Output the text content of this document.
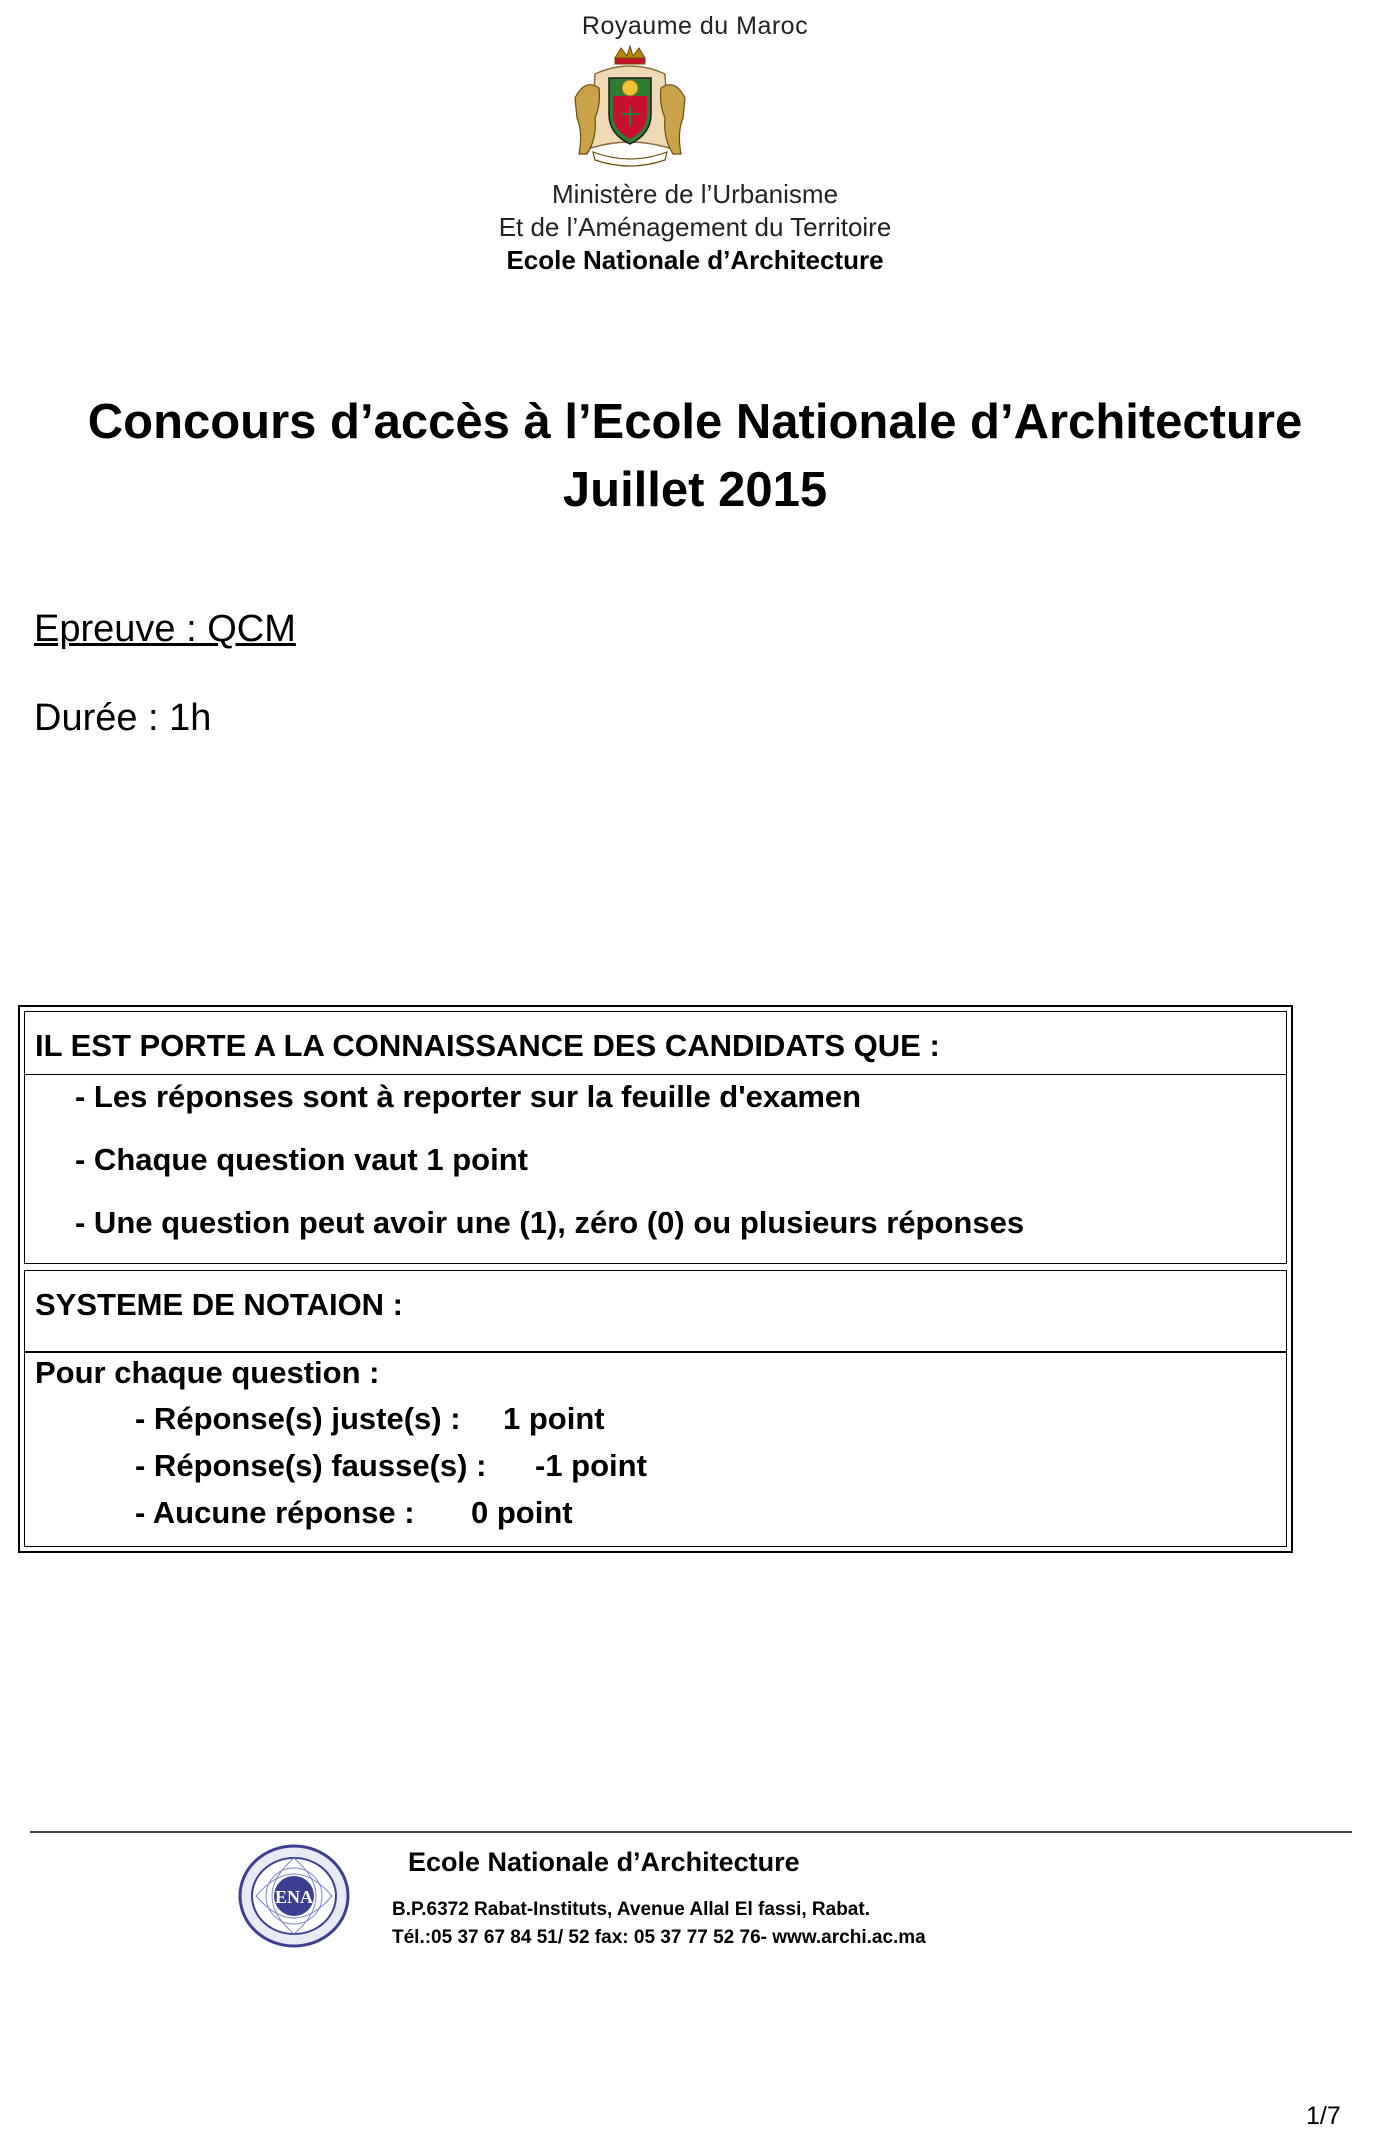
Royaume du Maroc
Ministère de l’Urbanisme
Et de l’Aménagement du Territoire
Ecole Nationale d’Architecture
Concours d’accès à l’Ecole Nationale d’Architecture
Juillet 2015
Epreuve : QCM
Durée : 1h
IL EST PORTE A LA CONNAISSANCE DES CANDIDATS QUE :
- Les réponses sont à reporter sur la feuille d'examen
- Chaque question vaut 1 point
- Une question peut avoir une (1), zéro (0) ou plusieurs réponses
SYSTEME DE NOTAION :
Pour chaque question :
- Réponse(s) juste(s) : 1 point
- Réponse(s) fausse(s) : -1 point
- Aucune réponse : 0 point
ENA
Ecole Nationale d’Architecture
B.P.6372 Rabat-Instituts, Avenue Allal El fassi, Rabat.
Tél.:05 37 67 84 51/ 52 fax: 05 37 77 52 76- www.archi.ac.ma
1/7
